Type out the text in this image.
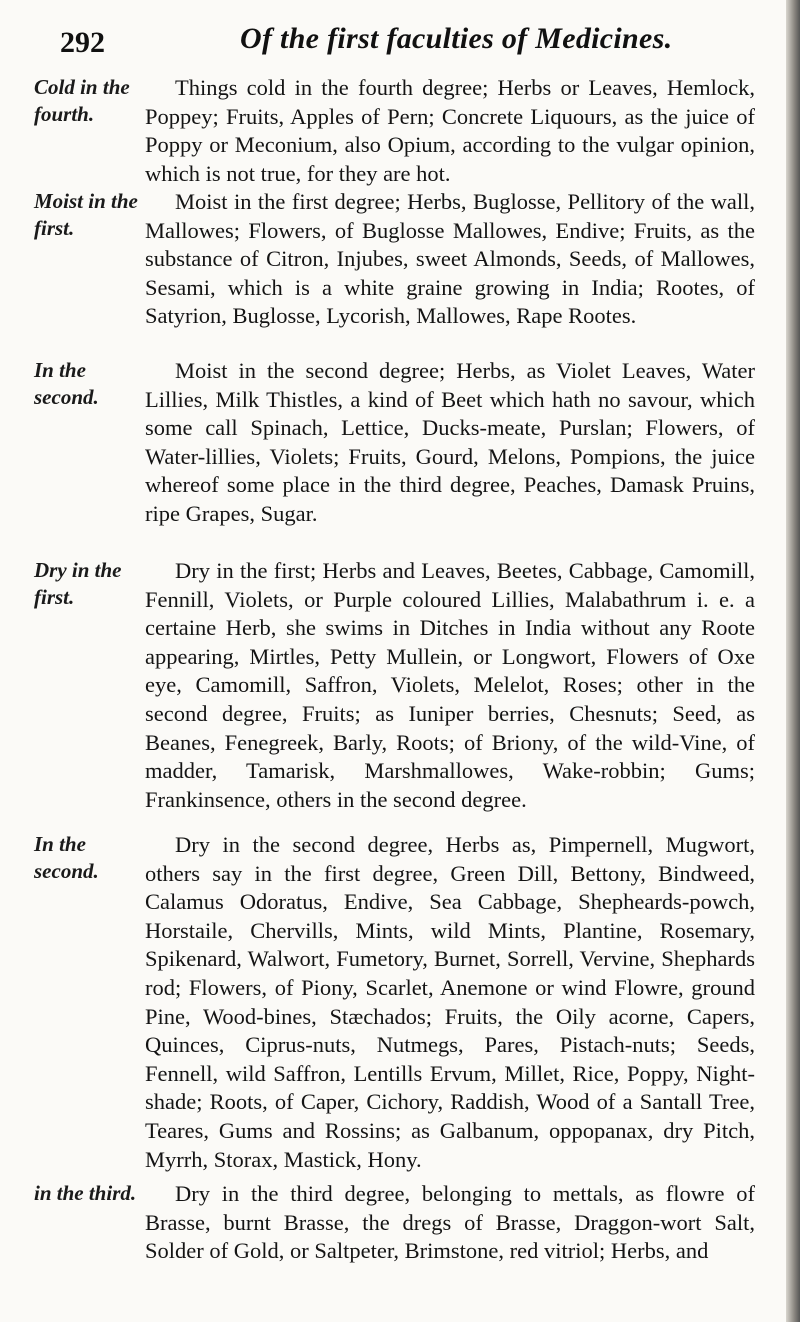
292	Of the first faculties of Medicines.
Cold in the fourth.
Things cold in the fourth degree; Herbs or Leaves, Hemlock, Poppey; Fruits, Apples of Pern; Concrete Liquours, as the juice of Poppy or Meconium, also Opium, according to the vulgar opinion, which is not true, for they are hot.
Moist in the first.
Moist in the first degree; Herbs, Buglosse, Pellitory of the wall, Mallowes; Flowers, of Buglosse Mallowes, Endive; Fruits, as the substance of Citron, Injubes, sweet Almonds, Seeds, of Mallowes, Sesami, which is a white graine growing in India; Rootes, of Satyrion, Buglosse, Lycorish, Mallowes, Rape Rootes.
In the second.
Moist in the second degree; Herbs, as Violet Leaves, Water Lillies, Milk Thistles, a kind of Beet which hath no savour, which some call Spinach, Lettice, Ducks-meate, Purslan; Flowers, of Water-lillies, Violets; Fruits, Gourd, Melons, Pompions, the juice whereof some place in the third degree, Peaches, Damask Pruins, ripe Grapes, Sugar.
Dry in the first.
Dry in the first; Herbs and Leaves, Beetes, Cabbage, Camomill, Fennill, Violets, or Purple coloured Lillies, Malabathrum i. e. a certaine Herb, she swims in Ditches in India without any Roote appearing, Mirtles, Petty Mullein, or Longwort, Flowers of Oxe eye, Camomill, Saffron, Violets, Melelot, Roses; other in the second degree, Fruits; as Iuniper berries, Chesnuts; Seed, as Beanes, Fenegreek, Barly, Roots; of Briony, of the wild-Vine, of madder, Tamarisk, Marshmallowes, Wake-robbin; Gums; Frankinsence, others in the second degree.
In the second.
Dry in the second degree, Herbs as, Pimpernell, Mugwort, others say in the first degree, Green Dill, Bettony, Bindweed, Calamus Odoratus, Endive, Sea Cabbage, Shepheards-powch, Horstaile, Chervills, Mints, wild Mints, Plantine, Rosemary, Spikenard, Walwort, Fumetory, Burnet, Sorrell, Vervine, Shephards rod; Flowers, of Piony, Scarlet, Anemone or wind Flowre, ground Pine, Wood-bines, Stæchados; Fruits, the Oily acorne, Capers, Quinces, Ciprus-nuts, Nutmegs, Pares, Pistach-nuts; Seeds, Fennell, wild Saffron, Lentills Ervum, Millet, Rice, Poppy, Night-shade; Roots, of Caper, Cichory, Raddish, Wood of a Santall Tree, Teares, Gums and Rossins; as Galbanum, oppopanax, dry Pitch, Myrrh, Storax, Mastick, Hony.
in the third.	Dry in the third degree, belonging to mettals, as flowre of Brasse, burnt Brasse, the dregs of Brasse, Draggon-wort Salt, Solder of Gold, or Saltpeter, Brimstone, red vitriol; Herbs, and
